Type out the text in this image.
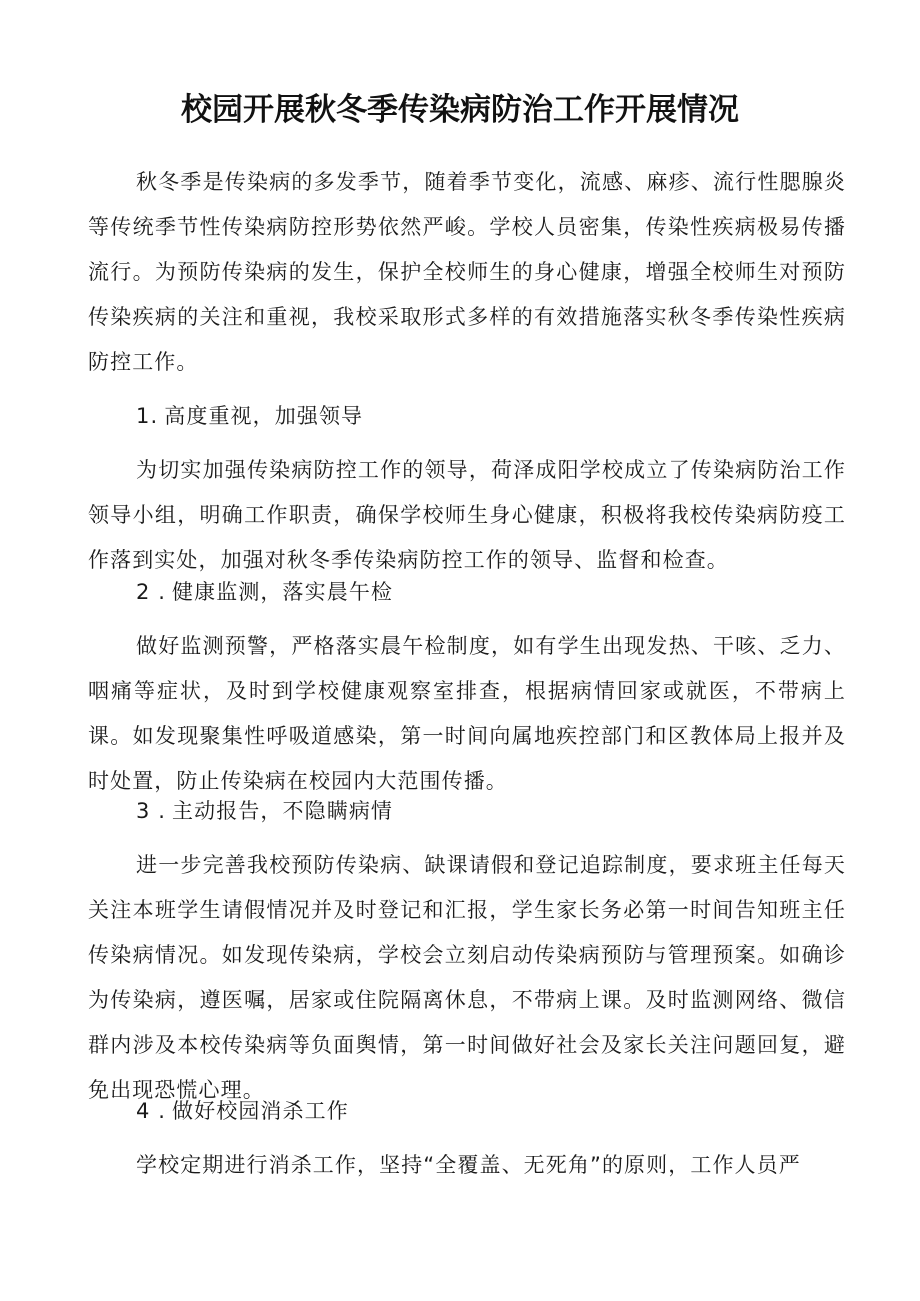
校园开展秋冬季传染病防治工作开展情况
秋冬季是传染病的多发季节，随着季节变化，流感、麻疹、流行性腮腺炎等传统季节性传染病防控形势依然严峻。学校人员密集，传染性疾病极易传播流行。为预防传染病的发生，保护全校师生的身心健康，增强全校师生对预防传染疾病的关注和重视，我校采取形式多样的有效措施落实秋冬季传染性疾病防控工作。
1. 高度重视，加强领导
为切实加强传染病防控工作的领导，荷泽成阳学校成立了传染病防治工作领导小组，明确工作职责，确保学校师生身心健康，积极将我校传染病防疫工作落到实处，加强对秋冬季传染病防控工作的领导、监督和检查。
2 . 健康监测，落实晨午检
做好监测预警，严格落实晨午检制度，如有学生出现发热、干咳、乏力、咽痛等症状，及时到学校健康观察室排查，根据病情回家或就医，不带病上课。如发现聚集性呼吸道感染，第一时间向属地疾控部门和区教体局上报并及时处置，防止传染病在校园内大范围传播。
3 . 主动报告，不隐瞒病情
进一步完善我校预防传染病、缺课请假和登记追踪制度，要求班主任每天关注本班学生请假情况并及时登记和汇报，学生家长务必第一时间告知班主任传染病情况。如发现传染病，学校会立刻启动传染病预防与管理预案。如确诊为传染病，遵医嘱，居家或住院隔离休息，不带病上课。及时监测网络、微信群内涉及本校传染病等负面舆情，第一时间做好社会及家长关注问题回复，避免出现恐慌心理。
4 . 做好校园消杀工作
学校定期进行消杀工作，坚持“全覆盖、无死角”的原则，工作人员严
